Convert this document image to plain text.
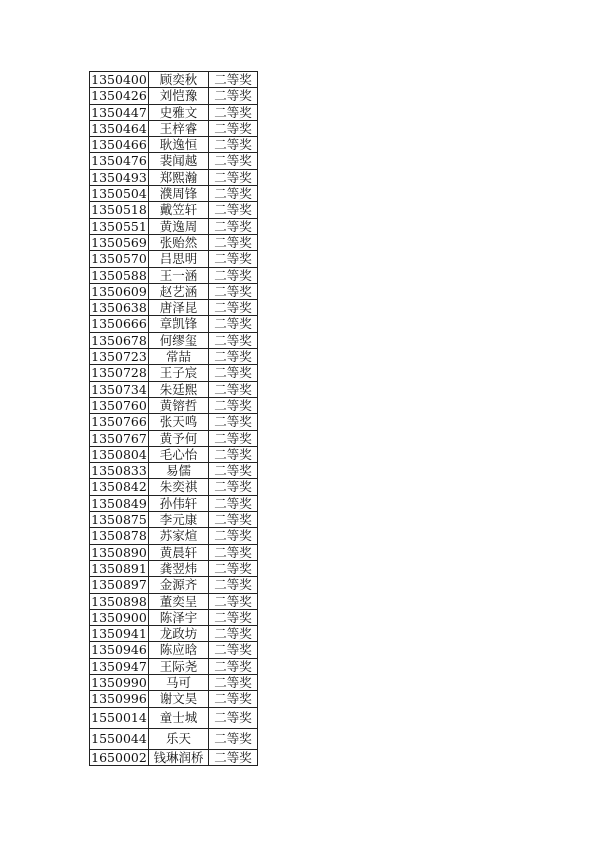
1350400	顾奕秋	二等奖
1350426	刘恺豫	二等奖
1350447	史雅文	二等奖
1350464	王梓睿	二等奖
1350466	耿逸恒	二等奖
1350476	裴闻越	二等奖
1350493	郑熙瀚	二等奖
1350504	濮周锋	二等奖
1350518	戴笠轩	二等奖
1350551	黄逸周	二等奖
1350569	张贻然	二等奖
1350570	吕思明	二等奖
1350588	王一涵	二等奖
1350609	赵艺涵	二等奖
1350638	唐泽昆	二等奖
1350666	章凯锋	二等奖
1350678	何缪玺	二等奖
1350723	常喆	二等奖
1350728	王子宸	二等奖
1350734	朱廷熙	二等奖
1350760	黄镕哲	二等奖
1350766	张天鸣	二等奖
1350767	黄予何	二等奖
1350804	毛心怡	二等奖
1350833	易儒	二等奖
1350842	朱奕祺	二等奖
1350849	孙伟轩	二等奖
1350875	李元康	二等奖
1350878	苏家煊	二等奖
1350890	黄晨轩	二等奖
1350891	龚翌炜	二等奖
1350897	金源齐	二等奖
1350898	董奕呈	二等奖
1350900	陈泽宇	二等奖
1350941	龙政坊	二等奖
1350946	陈应晗	二等奖
1350947	王际尧	二等奖
1350990	马可	二等奖
1350996	谢文昊	二等奖
1550014	童士城	二等奖
1550044	乐天	二等奖
1650002	钱琳润桥	二等奖
